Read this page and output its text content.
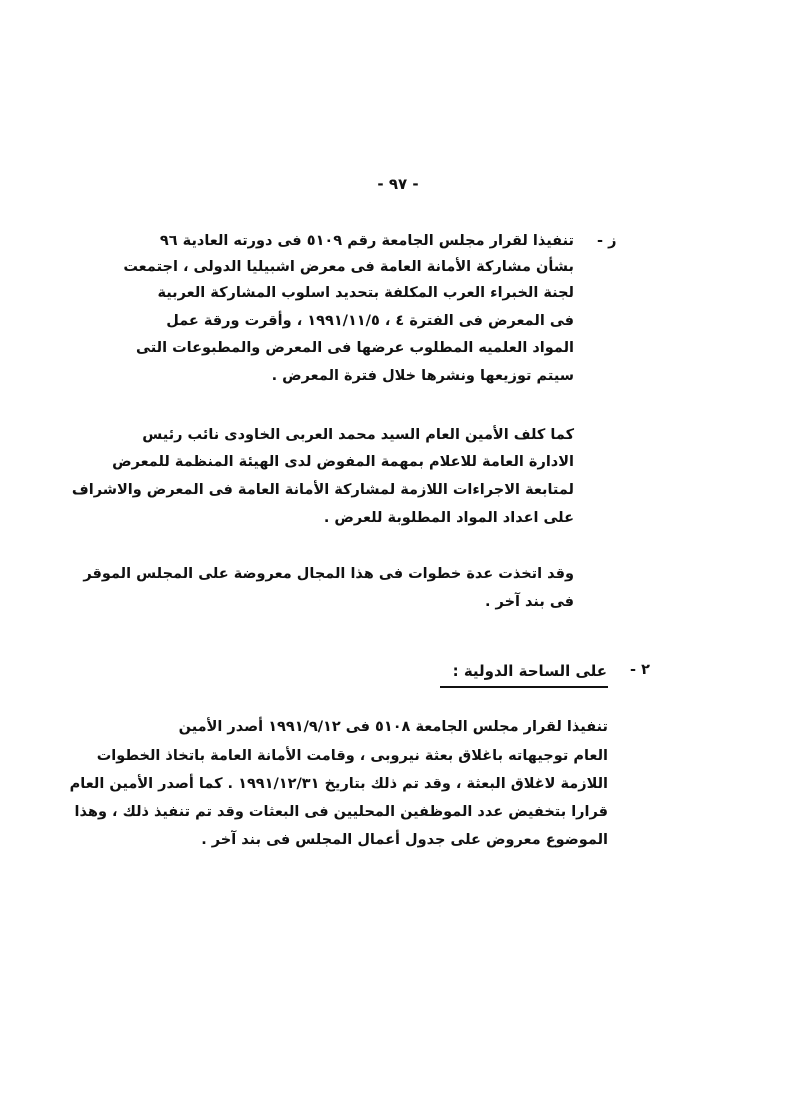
- ٩٧ -
ز -
تنفيذا لقرار مجلس الجامعة رقم ٥١٠٩ فى دورته العادية ٩٦
بشأن مشاركة الأمانة العامة فى معرض اشبيليا الدولى ، اجتمعت
لجنة الخبراء العرب المكلفة بتحديد اسلوب المشاركة العربية
فى المعرض فى الفترة ٤ ، ١٩٩١/١١/٥ ، وأقرت ورقة عمل
المواد العلميه المطلوب عرضها فى المعرض والمطبوعات التى
سيتم توزيعها ونشرها خلال فترة المعرض .
كما كلف الأمين العام السيد محمد العربى الخاودى نائب رئيس
الادارة العامة للاعلام بمهمة المفوض لدى الهيئة المنظمة للمعرض
لمتابعة الاجراءات اللازمة لمشاركة الأمانة العامة فى المعرض والاشراف
على اعداد المواد المطلوبة للعرض .
وقد اتخذت عدة خطوات فى هذا المجال معروضة على المجلس الموقر
فى بند آخر .
٢ -
على الساحة الدولية :
تنفيذا لقرار مجلس الجامعة ٥١٠٨ فى ١٩٩١/٩/١٢ أصدر الأمين
العام توجيهاته باغلاق بعثة نيروبى ، وقامت الأمانة العامة باتخاذ الخطوات
اللازمة لاغلاق البعثة ، وقد تم ذلك بتاريخ ١٩٩١/١٢/٣١ . كما أصدر الأمين العام
قرارا بتخفيض عدد الموظفين المحليين فى البعثات وقد تم تنفيذ ذلك ، وهذا
الموضوع معروض على جدول أعمال المجلس فى بند آخر .
